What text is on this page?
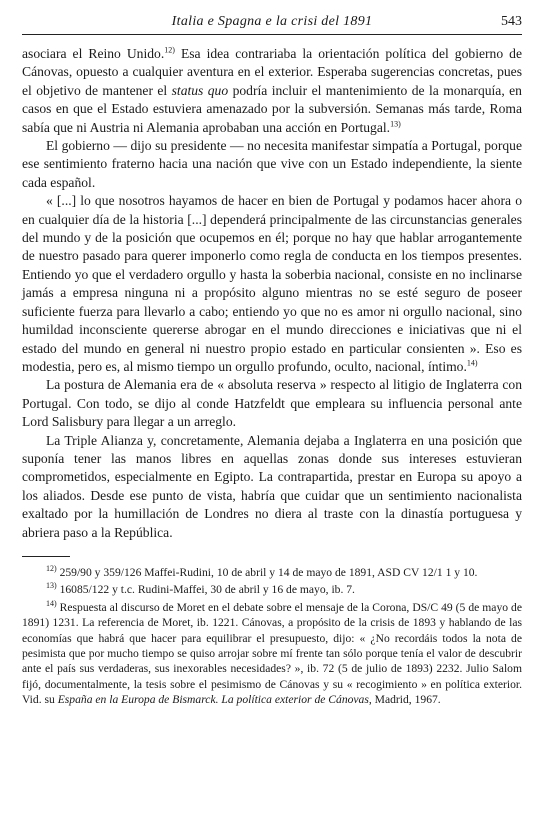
Italia e Spagna e la crisi del 1891	543

asociara el Reino Unido.$^{12)}$ Esa idea contrariaba la orientación política del gobierno de Cánovas, opuesto a cualquier aventura en el exterior. Esperaba sugerencias concretas, pues el objetivo de mantener el status quo podría incluir el mantenimiento de la monarquía, en casos en que el Estado estuviera amenazado por la subversión. Semanas más tarde, Roma sabía que ni Austria ni Alemania aprobaban una acción en Portugal.$^{13)}$

El gobierno — dijo su presidente — no necesita manifestar simpatía a Portugal, porque ese sentimiento fraterno hacia una nación que vive con un Estado independiente, la siente cada español.

« [...] lo que nosotros hayamos de hacer en bien de Portugal y podamos hacer ahora o en cualquier día de la historia [...] dependerá principalmente de las circunstancias generales del mundo y de la posición que ocupemos en él; porque no hay que hablar arrogantemente de nuestro pasado para querer imponerlo como regla de conducta en los tiempos presentes. Entiendo yo que el verdadero orgullo y hasta la soberbia nacional, consiste en no inclinarse jamás a empresa ninguna ni a propósito alguno mientras no se esté seguro de poseer suficiente fuerza para llevarlo a cabo; entiendo yo que no es amor ni orgullo nacional, sino humildad inconsciente quererse abrogar en el mundo direcciones e iniciativas que ni el estado del mundo en general ni nuestro propio estado en particular consienten ». Eso es modestia, pero es, al mismo tiempo un orgullo profundo, oculto, nacional, íntimo.$^{14)}$

La postura de Alemania era de « absoluta reserva » respecto al litigio de Inglaterra con Portugal. Con todo, se dijo al conde Hatzfeldt que empleara su influencia personal ante Lord Salisbury para llegar a un arreglo.

La Triple Alianza y, concretamente, Alemania dejaba a Inglaterra en una posición que suponía tener las manos libres en aquellas zonas donde sus intereses estuvieran comprometidos, especialmente en Egipto. La contrapartida, prestar en Europa su apoyo a los aliados. Desde ese punto de vista, habría que cuidar que un sentimiento nacionalista exaltado por la humillación de Londres no diera al traste con la dinastía portuguesa y abriera paso a la República.

$^{12)}$ 259/90 y 359/126 Maffei-Rudini, 10 de abril y 14 de mayo de 1891, ASD CV 12/1 1 y 10.

$^{13)}$ 16085/122 y t.c. Rudini-Maffei, 30 de abril y 16 de mayo, ib. 7.

$^{14)}$ Respuesta al discurso de Moret en el debate sobre el mensaje de la Corona, DS/C 49 (5 de mayo de 1891) 1231. La referencia de Moret, ib. 1221. Cánovas, a propósito de la crisis de 1893 y hablando de las economías que habrá que hacer para equilibrar el presupuesto, dijo: « ¿No recordáis todos la nota de pesimista que por mucho tiempo se quiso arrojar sobre mí frente tan sólo porque tenía el valor de descubrir ante el país sus verdaderas, sus inexorables necesidades? », ib. 72 (5 de julio de 1893) 2232. Julio Salom fijó, documentalmente, la tesis sobre el pesimismo de Cánovas y su « recogimiento » en política exterior. Vid. su España en la Europa de Bismarck. La política exterior de Cánovas, Madrid, 1967.
